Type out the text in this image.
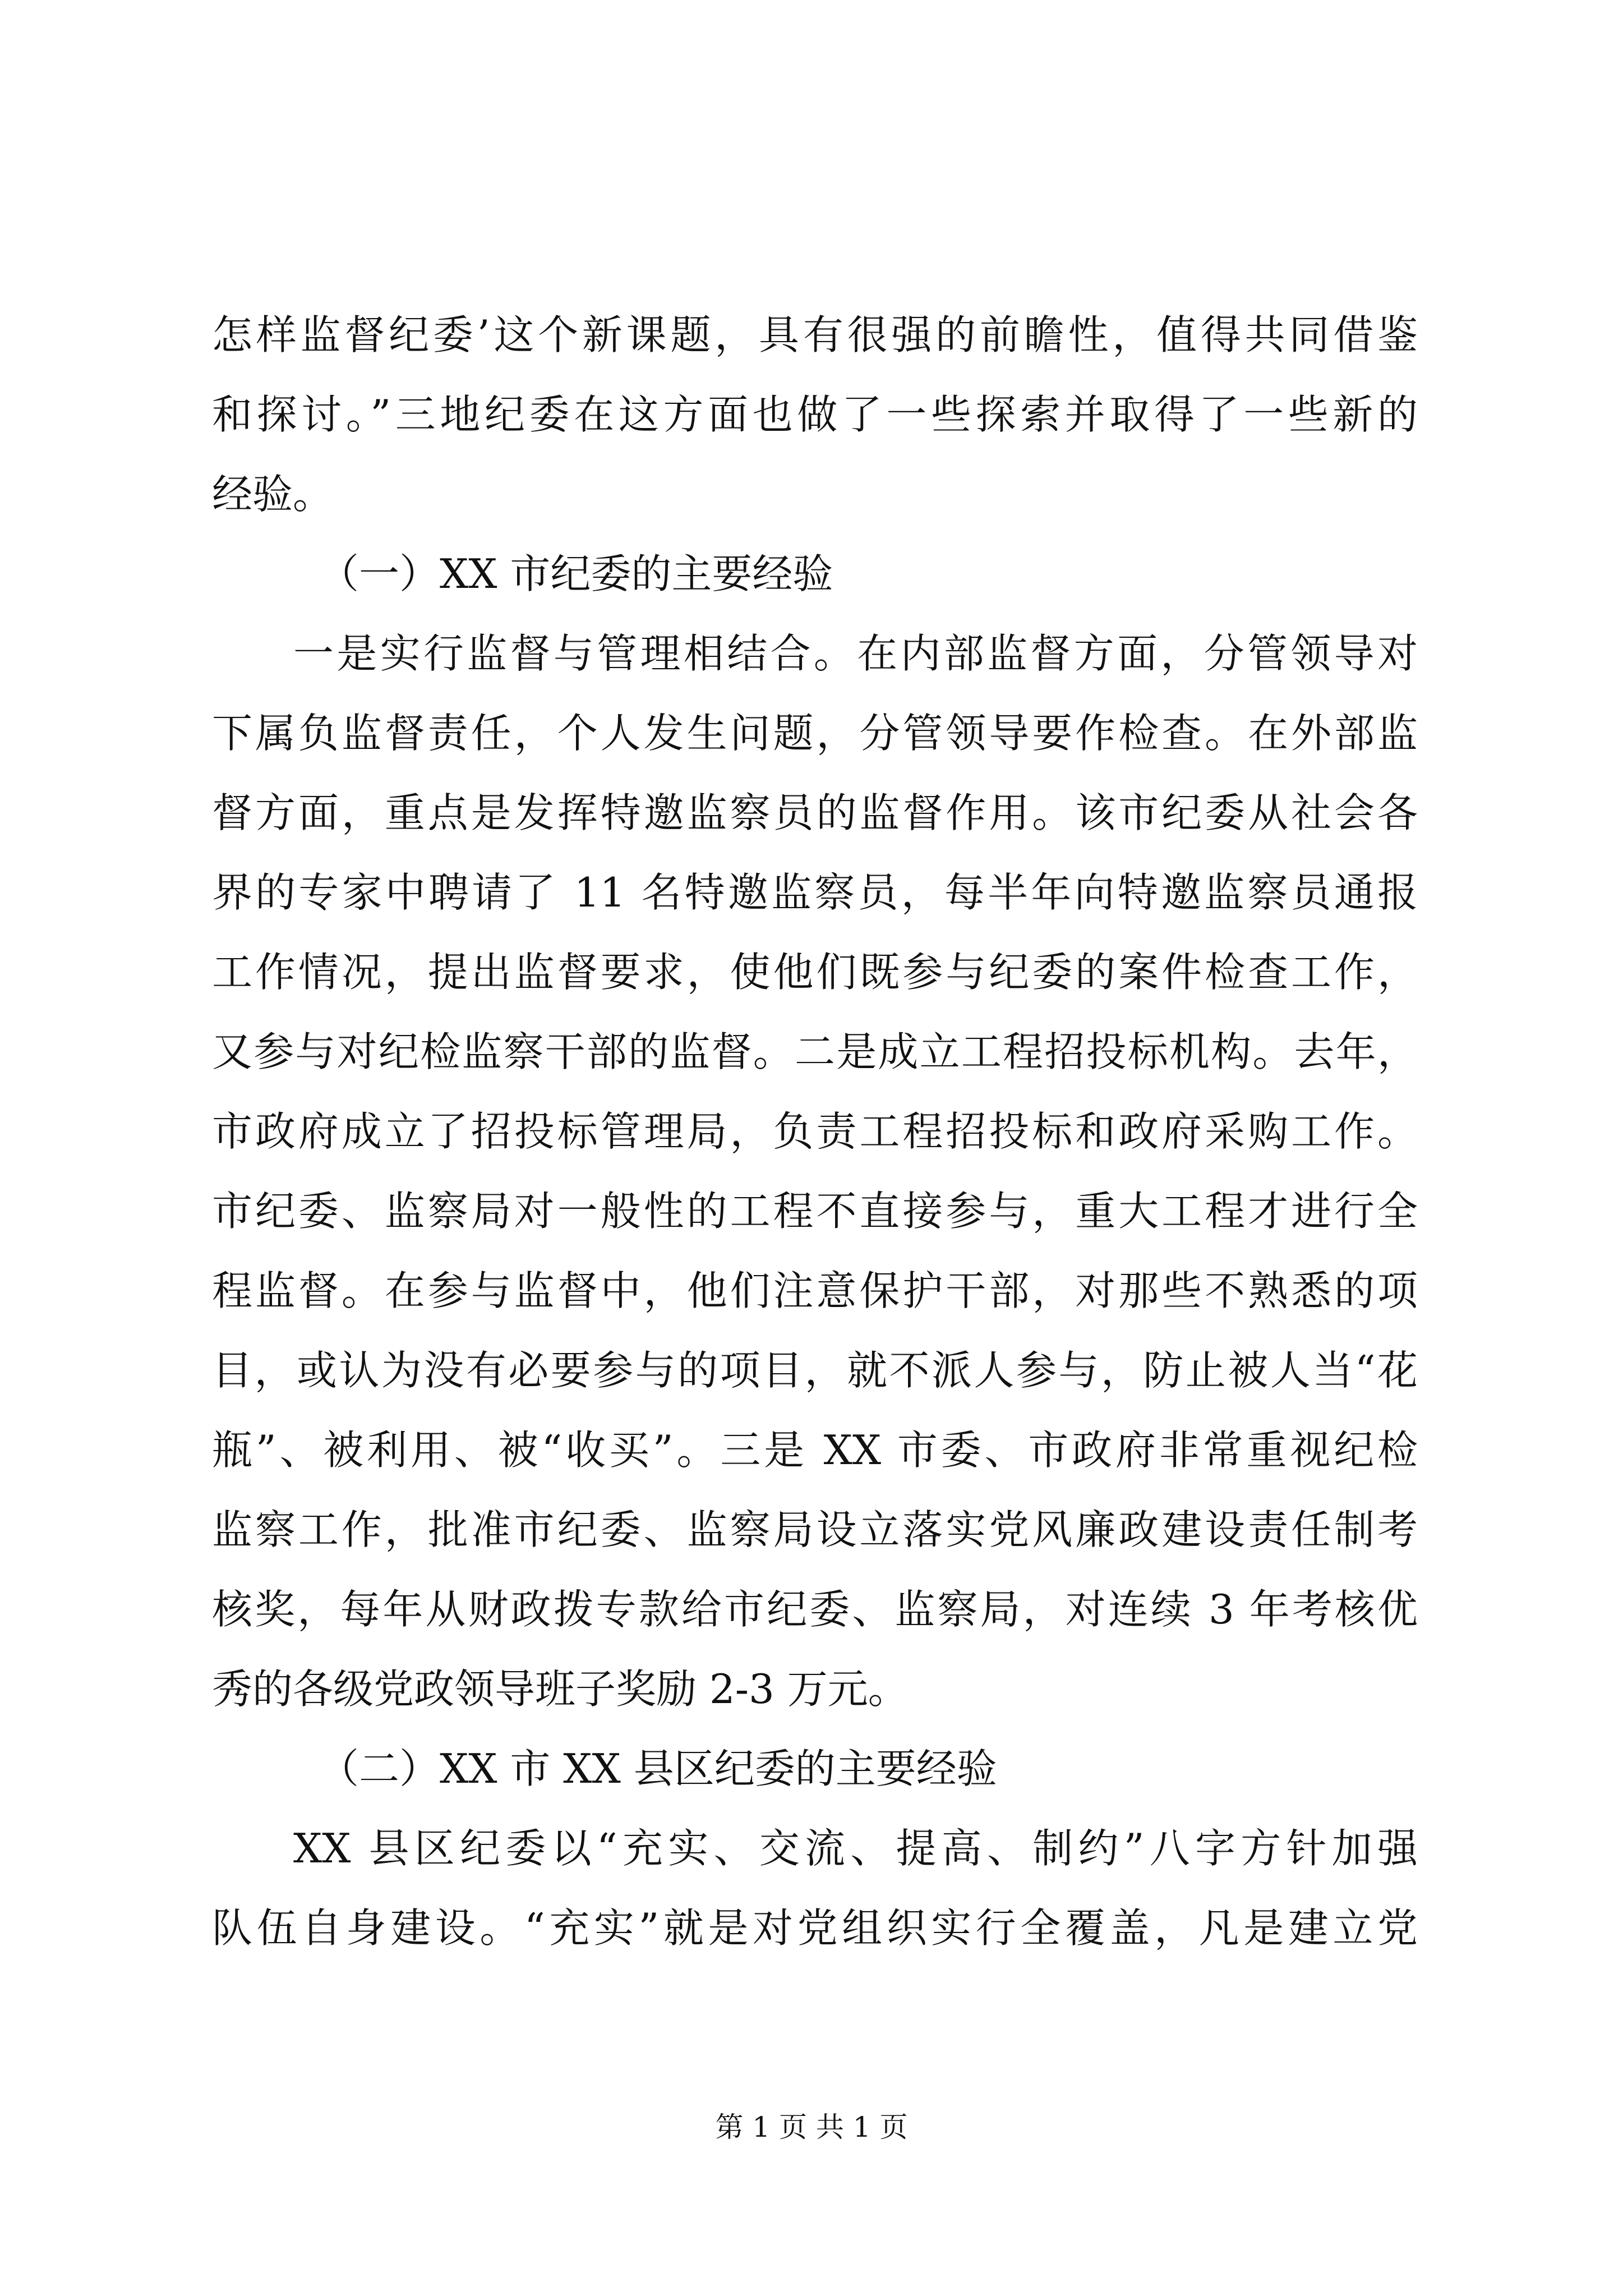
怎样监督纪委’这个新课题，具有很强的前瞻性，值得共同借鉴
和探讨。”三地纪委在这方面也做了一些探索并取得了一些新的
经验。
（一）XX 市纪委的主要经验
一是实行监督与管理相结合。在内部监督方面，分管领导对
下属负监督责任，个人发生问题，分管领导要作检查。在外部监
督方面，重点是发挥特邀监察员的监督作用。该市纪委从社会各
界的专家中聘请了 11 名特邀监察员，每半年向特邀监察员通报
工作情况，提出监督要求，使他们既参与纪委的案件检查工作，
又参与对纪检监察干部的监督。二是成立工程招投标机构。去年，
市政府成立了招投标管理局，负责工程招投标和政府采购工作。
市纪委、监察局对一般性的工程不直接参与，重大工程才进行全
程监督。在参与监督中，他们注意保护干部，对那些不熟悉的项
目，或认为没有必要参与的项目，就不派人参与，防止被人当“花
瓶”、被利用、被“收买”。三是 XX 市委、市政府非常重视纪检
监察工作，批准市纪委、监察局设立落实党风廉政建设责任制考
核奖，每年从财政拨专款给市纪委、监察局，对连续 3 年考核优
秀的各级党政领导班子奖励 2-3 万元。
（二）XX 市 XX 县区纪委的主要经验
XX 县区纪委以“充实、交流、提高、制约”八字方针加强
队伍自身建设。“充实”就是对党组织实行全覆盖，凡是建立党
第 1 页 共 1 页
